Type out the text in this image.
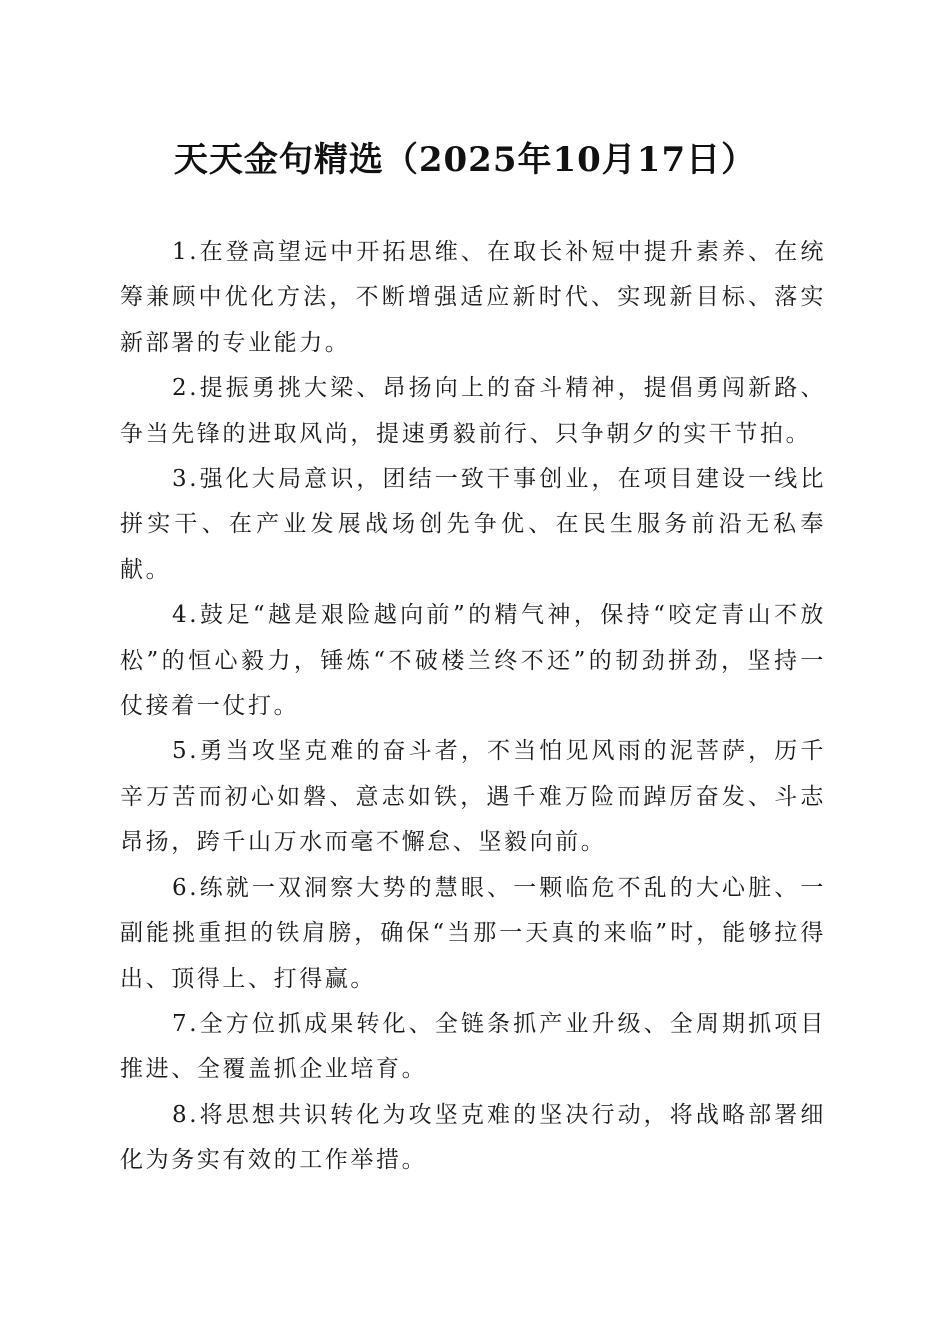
天天金句精选（2025年10月17日）

1.在登高望远中开拓思维、在取长补短中提升素养、在统筹兼顾中优化方法，不断增强适应新时代、实现新目标、落实新部署的专业能力。

2.提振勇挑大梁、昂扬向上的奋斗精神，提倡勇闯新路、争当先锋的进取风尚，提速勇毅前行、只争朝夕的实干节拍。

3.强化大局意识，团结一致干事创业，在项目建设一线比拼实干、在产业发展战场创先争优、在民生服务前沿无私奉献。

4.鼓足“越是艰险越向前”的精气神，保持“咬定青山不放松”的恒心毅力，锤炼“不破楼兰终不还”的韧劲拼劲，坚持一仗接着一仗打。

5.勇当攻坚克难的奋斗者，不当怕见风雨的泥菩萨，历千辛万苦而初心如磐、意志如铁，遇千难万险而踔厉奋发、斗志昂扬，跨千山万水而毫不懈怠、坚毅向前。

6.练就一双洞察大势的慧眼、一颗临危不乱的大心脏、一副能挑重担的铁肩膀，确保“当那一天真的来临”时，能够拉得出、顶得上、打得赢。

7.全方位抓成果转化、全链条抓产业升级、全周期抓项目推进、全覆盖抓企业培育。

8.将思想共识转化为攻坚克难的坚决行动，将战略部署细化为务实有效的工作举措。
